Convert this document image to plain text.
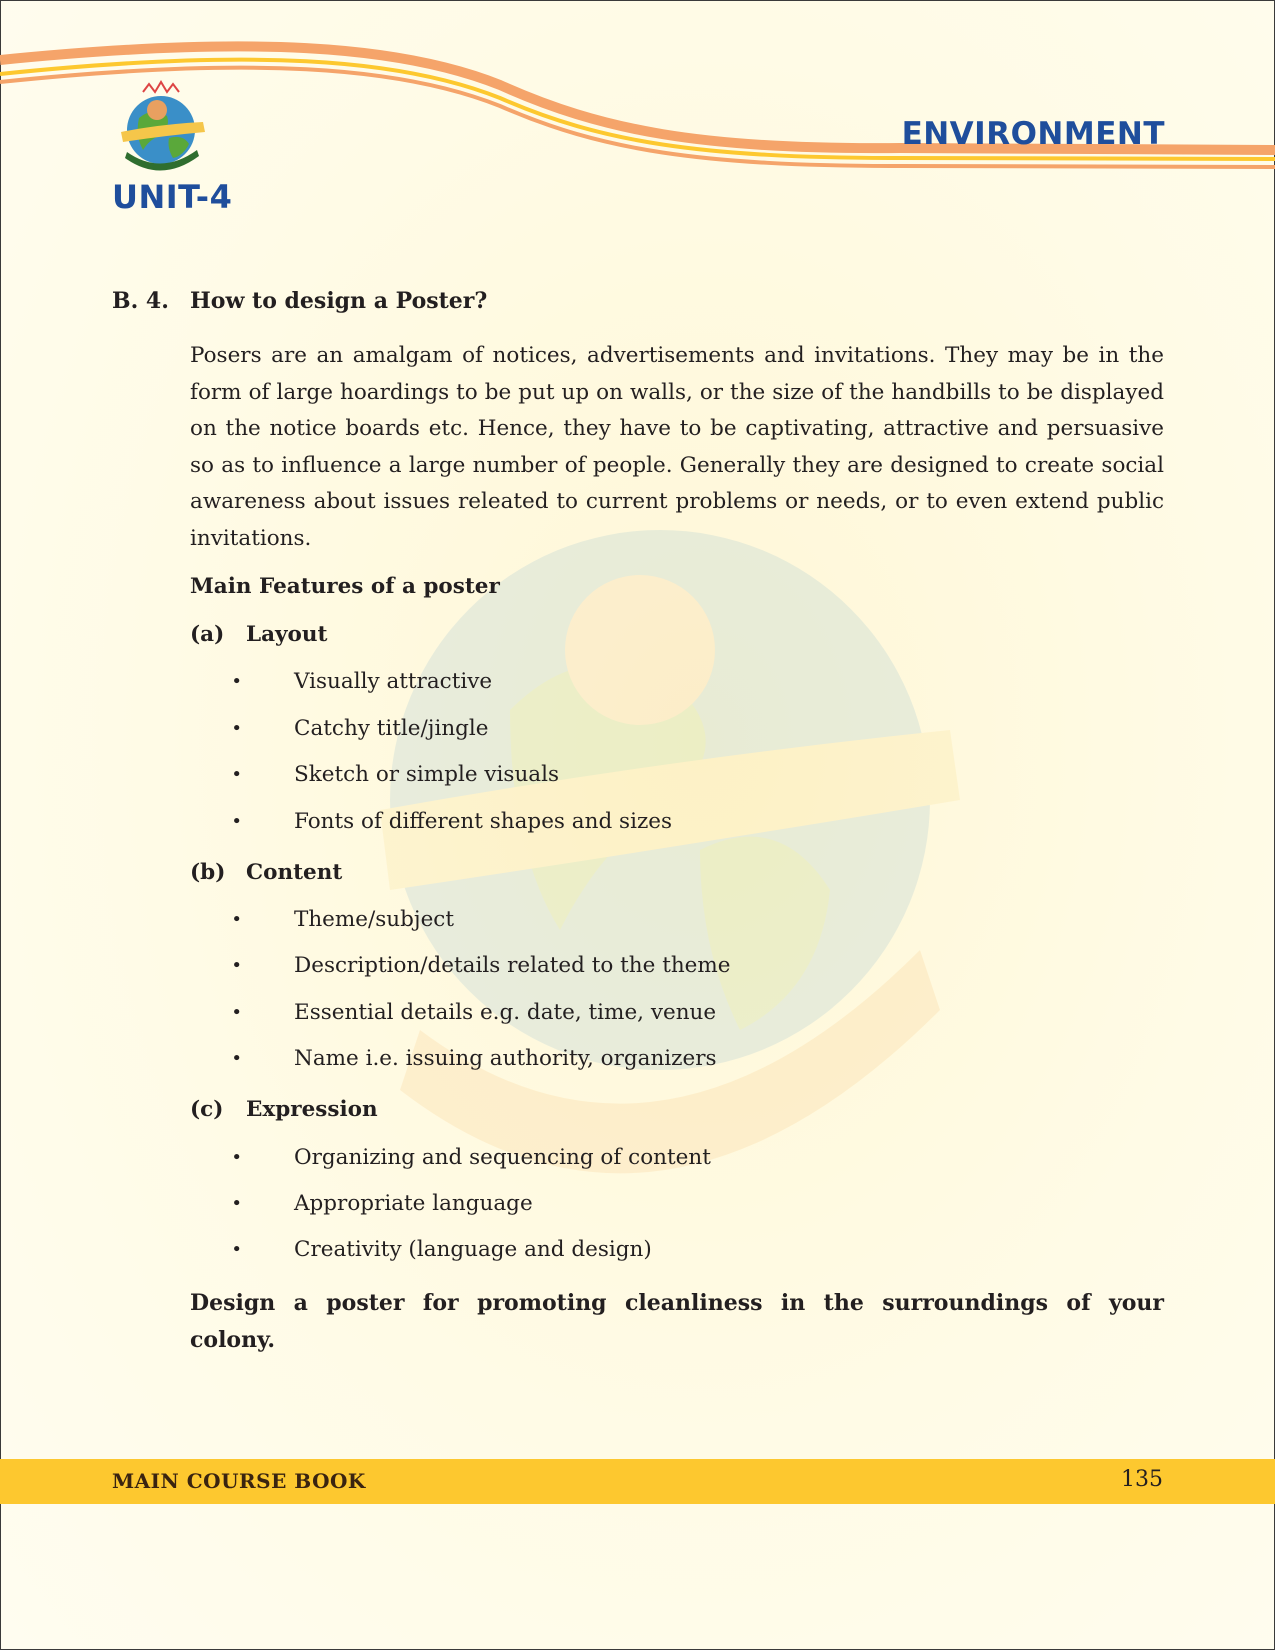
UNIT-4
ENVIRONMENT
B. 4. How to design a Poster?

Posers are an amalgam of notices, advertisements and invitations. They may be in the form of large hoardings to be put up on walls, or the size of the handbills to be displayed on the notice boards etc. Hence, they have to be captivating, attractive and persuasive so as to influence a large number of people. Generally they are designed to create social awareness about issues releated to current problems or needs, or to even extend public invitations.

Main Features of a poster
(a)	Layout
•	Visually attractive
•	Catchy title/jingle
•	Sketch or simple visuals
•	Fonts of different shapes and sizes
(b) Content
•	Theme/subject
•	Description/details related to the theme
•	Essential details e.g. date, time, venue
•	Name i.e. issuing authority, organizers
(c)	Expression
•	Organizing and sequencing of content
•	Appropriate language
•	Creativity (language and design)
Design a poster for promoting cleanliness in the surroundings of your colony.
MAIN COURSE BOOK	135
